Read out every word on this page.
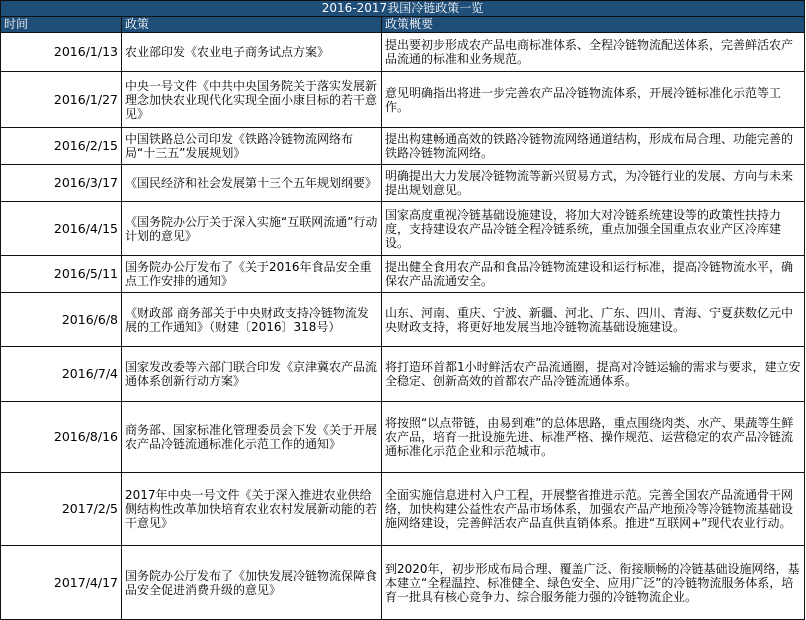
2016-2017我国冷链政策一览		
时间	政策	政策概要
2016/1/13	农业部印发《农业电子商务试点方案》	提出要初步形成农产品电商标准体系、全程冷链物流配送体系，完善鲜活农产品流通的标准和业务规范。
2016/1/27	中央一号文件《中共中央国务院关于落实发展新理念加快农业现代化实现全面小康目标的若干意见》	意见明确指出将进一步完善农产品冷链物流体系，开展冷链标准化示范等工作。
2016/2/15	中国铁路总公司印发《铁路冷链物流网络布局“十三五”发展规划》	提出构建畅通高效的铁路冷链物流网络通道结构，形成布局合理、功能完善的铁路冷链物流网络。
2016/3/17	《国民经济和社会发展第十三个五年规划纲要》	明确提出大力发展冷链物流等新兴贸易方式，为冷链行业的发展、方向与未来提出规划意见。
2016/4/15	《国务院办公厅关于深入实施“互联网流通”行动计划的意见》	国家高度重视冷链基础设施建设，将加大对冷链系统建设等的政策性扶持力度，支持建设农产品冷链全程冷链系统，重点加强全国重点农业产区冷库建设。
2016/5/11	国务院办公厅发布了《关于2016年食品安全重点工作安排的通知》	提出健全食用农产品和食品冷链物流建设和运行标准，提高冷链物流水平，确保农产品流通安全。
2016/6/8	《财政部 商务部关于中央财政支持冷链物流发展的工作通知》（财建〔2016〕318号）	山东、河南、重庆、宁波、新疆、河北、广东、四川、青海、宁夏获数亿元中央财政支持，将更好地发展当地冷链物流基础设施建设。
2016/7/4	国家发改委等六部门联合印发《京津冀农产品流通体系创新行动方案》	将打造环首都1小时鲜活农产品流通圈，提高对冷链运输的需求与要求，建立安全稳定、创新高效的首都农产品冷链流通体系。
2016/8/16	商务部、国家标准化管理委员会下发《关于开展农产品冷链流通标准化示范工作的通知》	将按照“以点带链，由易到难”的总体思路，重点围绕肉类、水产、果蔬等生鲜农产品，培育一批设施先进、标准严格、操作规范、运营稳定的农产品冷链流通标准化示范企业和示范城市。
2017/2/5	2017年中央一号文件《关于深入推进农业供给侧结构性改革加快培育农业农村发展新动能的若干意见》	全面实施信息进村入户工程，开展整省推进示范。完善全国农产品流通骨干网络，加快构建公益性农产品市场体系，加强农产品产地预冷等冷链物流基础设施网络建设，完善鲜活农产品直供直销体系。推进“互联网+”现代农业行动。
2017/4/17	国务院办公厅发布了《加快发展冷链物流保障食品安全促进消费升级的意见》	到2020年，初步形成布局合理、覆盖广泛、衔接顺畅的冷链基础设施网络，基本建立“全程温控、标准健全、绿色安全、应用广泛”的冷链物流服务体系，培育一批具有核心竞争力、综合服务能力强的冷链物流企业。
